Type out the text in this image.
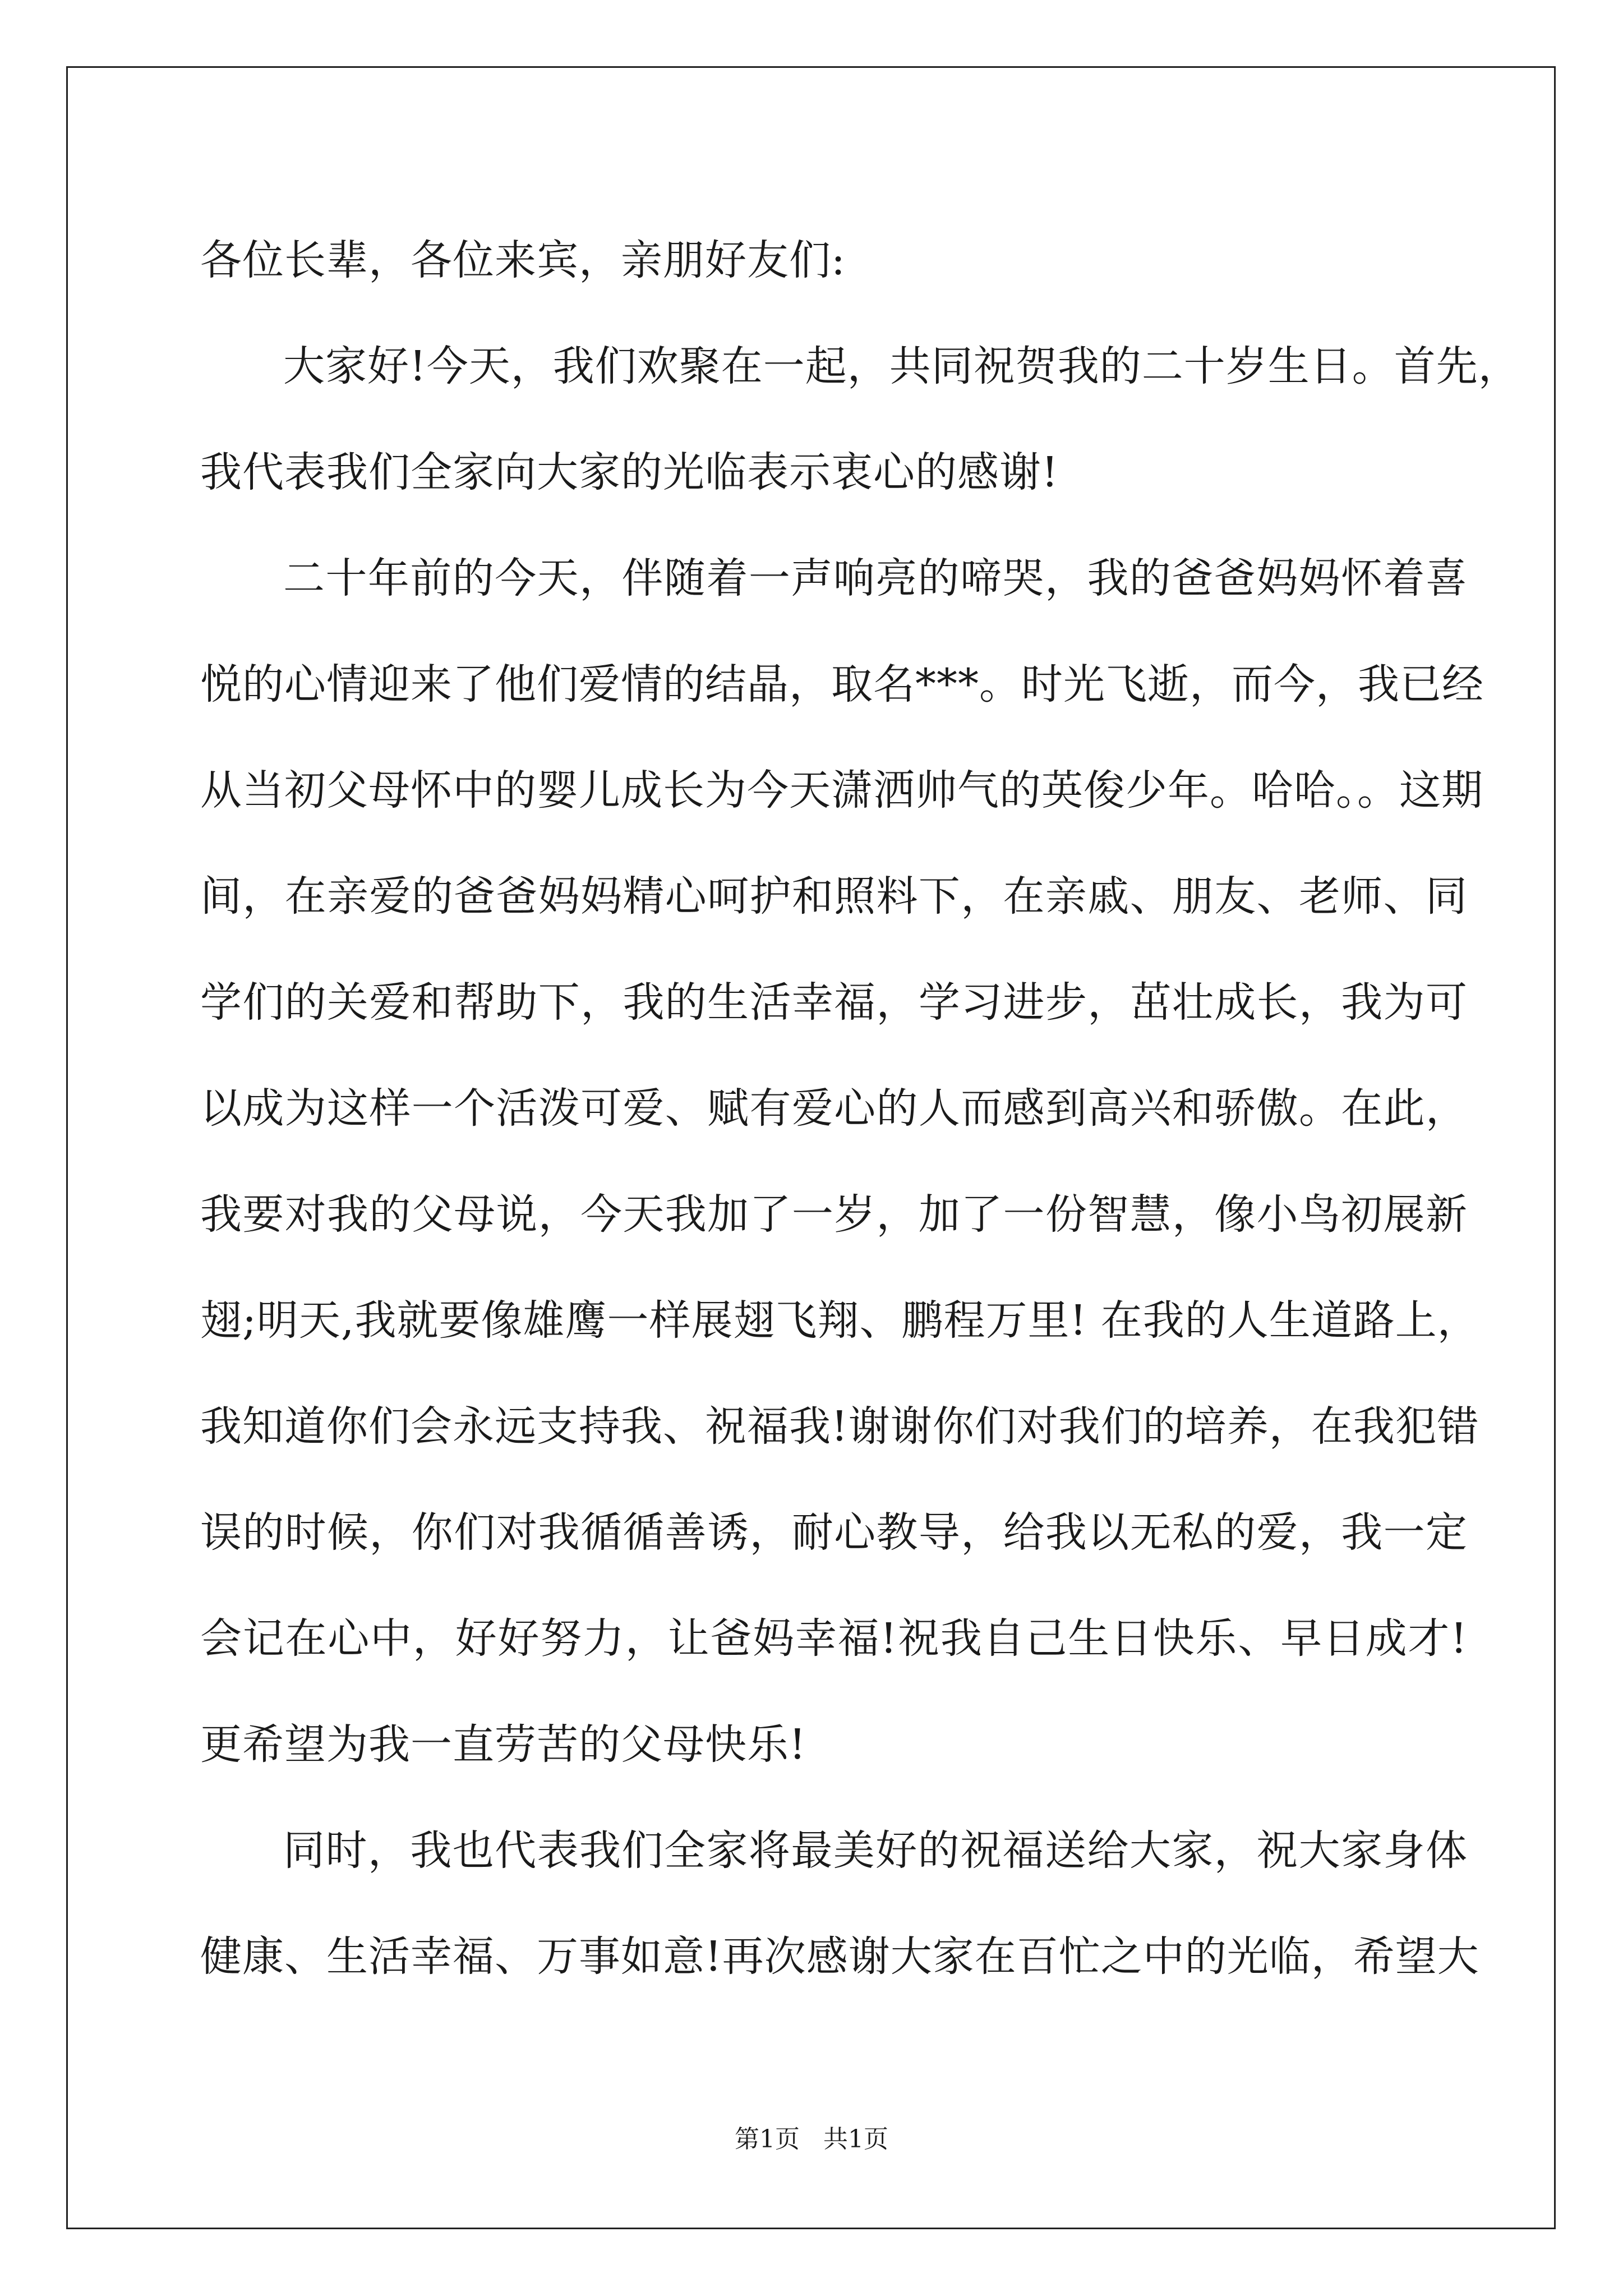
各位长辈，各位来宾，亲朋好友们:
大家好!今天，我们欢聚在一起，共同祝贺我的二十岁生日。首先，
我代表我们全家向大家的光临表示衷心的感谢!
二十年前的今天，伴随着一声响亮的啼哭，我的爸爸妈妈怀着喜
悦的心情迎来了他们爱情的结晶，取名***。时光飞逝，而今，我已经
从当初父母怀中的婴儿成长为今天潇洒帅气的英俊少年。哈哈。。这期
间，在亲爱的爸爸妈妈精心呵护和照料下，在亲戚、朋友、老师、同
学们的关爱和帮助下，我的生活幸福，学习进步，茁壮成长，我为可
以成为这样一个活泼可爱、赋有爱心的人而感到高兴和骄傲。在此，
我要对我的父母说，今天我加了一岁，加了一份智慧，像小鸟初展新
翅;明天,我就要像雄鹰一样展翅飞翔、鹏程万里! 在我的人生道路上，
我知道你们会永远支持我、祝福我!谢谢你们对我们的培养，在我犯错
误的时候，你们对我循循善诱，耐心教导，给我以无私的爱，我一定
会记在心中，好好努力，让爸妈幸福!祝我自己生日快乐、早日成才!
更希望为我一直劳苦的父母快乐!
同时，我也代表我们全家将最美好的祝福送给大家，祝大家身体
健康、生活幸福、万事如意!再次感谢大家在百忙之中的光临，希望大
第1页   共1页
